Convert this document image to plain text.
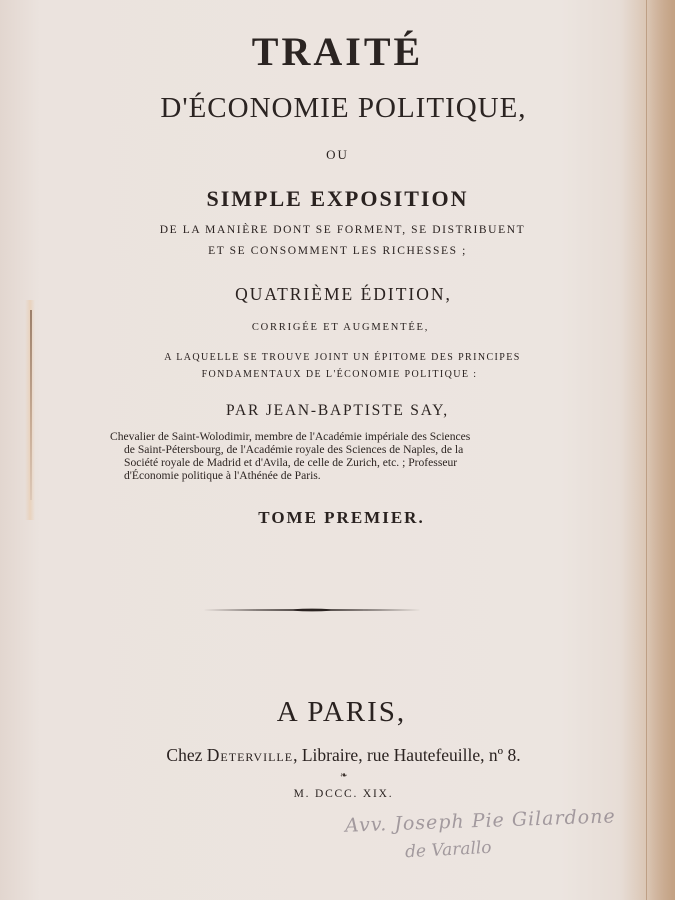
TRAITÉ
D'ÉCONOMIE POLITIQUE,
OU
SIMPLE EXPOSITION
DE LA MANIÈRE DONT SE FORMENT, SE DISTRIBUENT
ET SE CONSOMMENT LES RICHESSES ;
QUATRIÈME ÉDITION,
CORRIGÉE ET AUGMENTÉE,
A LAQUELLE SE TROUVE JOINT UN ÉPITOME DES PRINCIPES
FONDAMENTAUX DE L'ÉCONOMIE POLITIQUE :
PAR JEAN-BAPTISTE SAY,
Chevalier de Saint-Wolodimir, membre de l'Académie impériale des Sciences
de Saint-Pétersbourg, de l'Académie royale des Sciences de Naples, de la
Société royale de Madrid et d'Avila, de celle de Zurich, etc. ; Professeur
d'Économie politique à l'Athénée de Paris.
TOME PREMIER.
A PARIS,
Chez Deterville, Libraire, rue Hautefeuille, nº 8.
❧
M. DCCC. XIX.
Avv. Joseph Pie Gilardone
de Varallo
